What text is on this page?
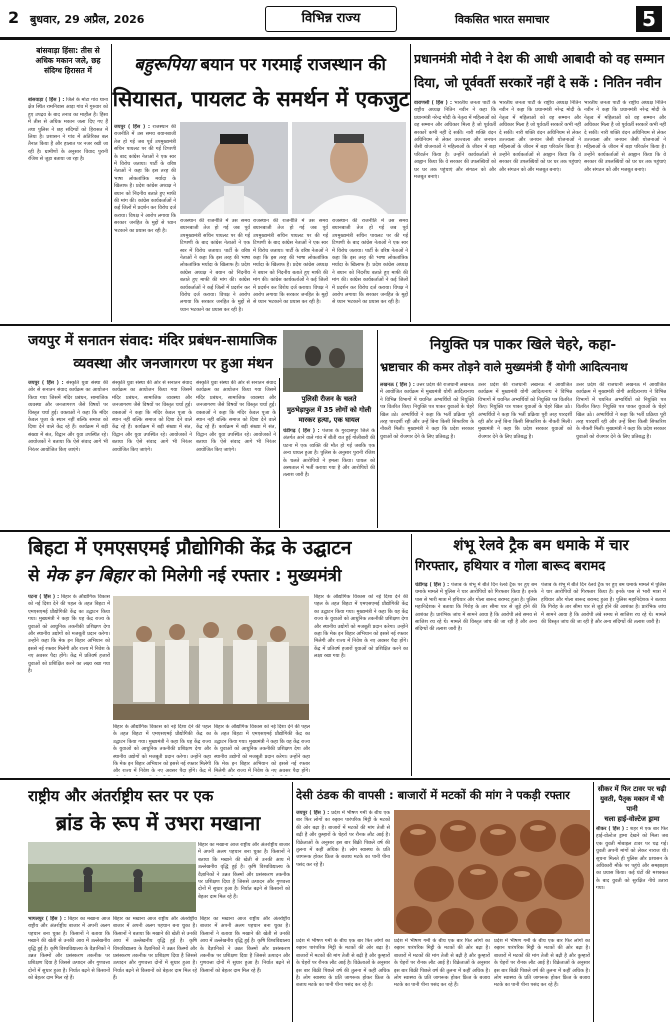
2 बुधवार, 29 अप्रैल, 2026	विभिन्न राज्य	विकसित भारत समाचार	5
बांसवाड़ा हिंसा: तीस से अधिक मकान जले, छह संदिग्ध हिरासत में
बांसवाड़ा ( हिंस ) : जिले के मोटा गांव थाना क्षेत्र स्थित रामनिवास आड़ा गांव में गुरुवार को हुए उपद्रव के बाद तनाव का माहौल है। हिंसा में तीस से अधिक मकान जला दिए गए हैं तथा पुलिस ने छह संदिग्धों को हिरासत में लिया है। प्रशासन ने गांव में अतिरिक्त बल तैनात किया है और हालात पर नजर रखी जा रही है। ग्रामीणों के अनुसार विवाद पुरानी रंजिश से जुड़ा बताया जा रहा है।
बहुरूपिया बयान पर गरमाई राजस्थान की
सियासत, पायलट के समर्थन में एकजुट
जयपुर ( हिंस ) : राजस्थान की राजनीति में उस समय बयानबाजी तेज हो गई जब पूर्व उपमुख्यमंत्री सचिन पायलट पर की गई टिप्पणी के बाद कांग्रेस नेताओं ने एक स्वर में विरोध जताया। पार्टी के वरिष्ठ नेताओं ने कहा कि इस तरह की भाषा लोकतांत्रिक मर्यादा के खिलाफ है। प्रदेश कांग्रेस अध्यक्ष ने बयान को निंदनीय बताते हुए माफी की मांग की। कांग्रेस कार्यकर्ताओं ने कई जिलों में प्रदर्शन कर विरोध दर्ज कराया। विपक्ष ने आरोप लगाया कि सरकार जनहित के मुद्दों से ध्यान भटकाने का प्रयास कर रही है।
राजस्थान की राजनीति में उस समय बयानबाजी तेज हो गई जब पूर्व उपमुख्यमंत्री सचिन पायलट पर की गई टिप्पणी के बाद कांग्रेस नेताओं ने एक स्वर में विरोध जताया। पार्टी के वरिष्ठ नेताओं ने कहा कि इस तरह की भाषा लोकतांत्रिक मर्यादा के खिलाफ है। प्रदेश कांग्रेस अध्यक्ष ने बयान को निंदनीय बताते हुए माफी की मांग की। कांग्रेस कार्यकर्ताओं ने कई जिलों में प्रदर्शन कर विरोध दर्ज कराया। विपक्ष ने आरोप लगाया कि सरकार जनहित के मुद्दों से ध्यान भटकाने का प्रयास कर रही है।
राजस्थान की राजनीति में उस समय बयानबाजी तेज हो गई जब पूर्व उपमुख्यमंत्री सचिन पायलट पर की गई टिप्पणी के बाद कांग्रेस नेताओं ने एक स्वर में विरोध जताया। पार्टी के वरिष्ठ नेताओं ने कहा कि इस तरह की भाषा लोकतांत्रिक मर्यादा के खिलाफ है। प्रदेश कांग्रेस अध्यक्ष ने बयान को निंदनीय बताते हुए माफी की मांग की। कांग्रेस कार्यकर्ताओं ने कई जिलों में प्रदर्शन कर विरोध दर्ज कराया। विपक्ष ने आरोप लगाया कि सरकार जनहित के मुद्दों से ध्यान भटकाने का प्रयास कर रही है।
राजस्थान की राजनीति में उस समय बयानबाजी तेज हो गई जब पूर्व उपमुख्यमंत्री सचिन पायलट पर की गई टिप्पणी के बाद कांग्रेस नेताओं ने एक स्वर में विरोध जताया। पार्टी के वरिष्ठ नेताओं ने कहा कि इस तरह की भाषा लोकतांत्रिक मर्यादा के खिलाफ है। प्रदेश कांग्रेस अध्यक्ष ने बयान को निंदनीय बताते हुए माफी की मांग की। कांग्रेस कार्यकर्ताओं ने कई जिलों में प्रदर्शन कर विरोध दर्ज कराया। विपक्ष ने आरोप लगाया कि सरकार जनहित के मुद्दों से ध्यान भटकाने का प्रयास कर रही है।
प्रधानमंत्री मोदी ने देश की आधी आबादी को वह सम्मान
दिया, जो पूर्ववर्ती सरकारें नहीं दे सकें : नितिन नवीन
वाराणसी ( हिंस ) : भारतीय जनता पार्टी के राष्ट्रीय अध्यक्ष नितिन नवीन ने कहा कि प्रधानमंत्री नरेन्द्र मोदी के नेतृत्व में महिलाओं को वह सम्मान और अधिकार मिला है जो पूर्ववर्ती सरकारें कभी नहीं दे सकीं। नारी शक्ति वंदन अधिनियम से लेकर उज्ज्वला और जनधन जैसी योजनाओं ने महिलाओं के जीवन में बड़ा परिवर्तन किया है। उन्होंने कार्यकर्ताओं से आह्वान किया कि वे सरकार की उपलब्धियों को घर घर तक पहुंचाएं और संगठन को और मजबूत बनाएं।
भारतीय जनता पार्टी के राष्ट्रीय अध्यक्ष नितिन नवीन ने कहा कि प्रधानमंत्री नरेन्द्र मोदी के नेतृत्व में महिलाओं को वह सम्मान और अधिकार मिला है जो पूर्ववर्ती सरकारें कभी नहीं दे सकीं। नारी शक्ति वंदन अधिनियम से लेकर उज्ज्वला और जनधन जैसी योजनाओं ने महिलाओं के जीवन में बड़ा परिवर्तन किया है। उन्होंने कार्यकर्ताओं से आह्वान किया कि वे सरकार की उपलब्धियों को घर घर तक पहुंचाएं और संगठन को और मजबूत बनाएं।
भारतीय जनता पार्टी के राष्ट्रीय अध्यक्ष नितिन नवीन ने कहा कि प्रधानमंत्री नरेन्द्र मोदी के नेतृत्व में महिलाओं को वह सम्मान और अधिकार मिला है जो पूर्ववर्ती सरकारें कभी नहीं दे सकीं। नारी शक्ति वंदन अधिनियम से लेकर उज्ज्वला और जनधन जैसी योजनाओं ने महिलाओं के जीवन में बड़ा परिवर्तन किया है। उन्होंने कार्यकर्ताओं से आह्वान किया कि वे सरकार की उपलब्धियों को घर घर तक पहुंचाएं और संगठन को और मजबूत बनाएं।
जयपुर में सनातन संवाद: मंदिर प्रबंधन-सामाजिक
व्यवस्था और जनजागरण पर हुआ मंथन
जयपुर ( हिंस ) : संस्कृति युवा संस्था की ओर से सनातन संवाद कार्यक्रम का आयोजन किया गया जिसमें मंदिर प्रबंधन, सामाजिक व्यवस्था और जनजागरण जैसे विषयों पर विस्तृत चर्चा हुई। वक्ताओं ने कहा कि मंदिर केवल पूजा के स्थान नहीं बल्कि समाज को दिशा देने वाले केंद्र रहे हैं। कार्यक्रम में बड़ी संख्या में संत, विद्वान और युवा उपस्थित रहे। आयोजकों ने बताया कि ऐसे संवाद आगे भी निरंतर आयोजित किए जाएंगे।
संस्कृति युवा संस्था की ओर से सनातन संवाद कार्यक्रम का आयोजन किया गया जिसमें मंदिर प्रबंधन, सामाजिक व्यवस्था और जनजागरण जैसे विषयों पर विस्तृत चर्चा हुई। वक्ताओं ने कहा कि मंदिर केवल पूजा के स्थान नहीं बल्कि समाज को दिशा देने वाले केंद्र रहे हैं। कार्यक्रम में बड़ी संख्या में संत, विद्वान और युवा उपस्थित रहे। आयोजकों ने बताया कि ऐसे संवाद आगे भी निरंतर आयोजित किए जाएंगे।
संस्कृति युवा संस्था की ओर से सनातन संवाद कार्यक्रम का आयोजन किया गया जिसमें मंदिर प्रबंधन, सामाजिक व्यवस्था और जनजागरण जैसे विषयों पर विस्तृत चर्चा हुई। वक्ताओं ने कहा कि मंदिर केवल पूजा के स्थान नहीं बल्कि समाज को दिशा देने वाले केंद्र रहे हैं। कार्यक्रम में बड़ी संख्या में संत, विद्वान और युवा उपस्थित रहे। आयोजकों ने बताया कि ऐसे संवाद आगे भी निरंतर आयोजित किए जाएंगे।
पुलिसी रीजन के चलते
मुठभेड़ाफुल में 35 लोगों को गोली
मारकर हत्या, एक घायल
चंडीगढ़ ( हिंस ) : पंजाब के गुरदासपुर जिले के अंतर्गत आने वाले गांव में बीती रात हुई गोलीबारी की घटना में एक व्यक्ति की मौत हो गई जबकि एक अन्य घायल हुआ है। पुलिस के अनुसार पुरानी रंजिश के चलते आरोपियों ने हमला किया। घायल को अस्पताल में भर्ती कराया गया है और आरोपियों की तलाश जारी है।
नियुक्ति पत्र पाकर खिले चेहरे, कहा-
भ्रष्टाचार की कमर तोड़ने वाले मुख्यमंत्री हैं योगी आदित्यनाथ
लखनऊ ( हिंस ) : उत्तर प्रदेश की राजधानी लखनऊ में आयोजित कार्यक्रम में मुख्यमंत्री योगी आदित्यनाथ ने विभिन्न विभागों में चयनित अभ्यर्थियों को नियुक्ति पत्र वितरित किए। नियुक्ति पत्र पाकर युवाओं के चेहरे खिल उठे। अभ्यर्थियों ने कहा कि भर्ती प्रक्रिया पूरी तरह पारदर्शी रही और उन्हें बिना किसी सिफारिश के नौकरी मिली। मुख्यमंत्री ने कहा कि प्रदेश सरकार युवाओं को रोजगार देने के लिए प्रतिबद्ध है।
उत्तर प्रदेश की राजधानी लखनऊ में आयोजित कार्यक्रम में मुख्यमंत्री योगी आदित्यनाथ ने विभिन्न विभागों में चयनित अभ्यर्थियों को नियुक्ति पत्र वितरित किए। नियुक्ति पत्र पाकर युवाओं के चेहरे खिल उठे। अभ्यर्थियों ने कहा कि भर्ती प्रक्रिया पूरी तरह पारदर्शी रही और उन्हें बिना किसी सिफारिश के नौकरी मिली। मुख्यमंत्री ने कहा कि प्रदेश सरकार युवाओं को रोजगार देने के लिए प्रतिबद्ध है।
उत्तर प्रदेश की राजधानी लखनऊ में आयोजित कार्यक्रम में मुख्यमंत्री योगी आदित्यनाथ ने विभिन्न विभागों में चयनित अभ्यर्थियों को नियुक्ति पत्र वितरित किए। नियुक्ति पत्र पाकर युवाओं के चेहरे खिल उठे। अभ्यर्थियों ने कहा कि भर्ती प्रक्रिया पूरी तरह पारदर्शी रही और उन्हें बिना किसी सिफारिश के नौकरी मिली। मुख्यमंत्री ने कहा कि प्रदेश सरकार युवाओं को रोजगार देने के लिए प्रतिबद्ध है।
बिहटा में एमएसएमई प्रौद्योगिकी केंद्र के उद्घाटन
से मेक इन बिहार को मिलेगी नई रफ्तार : मुख्यमंत्री
पटना ( हिंस ) : बिहार के औद्योगिक विकास को नई दिशा देने की पहल के तहत बिहटा में एमएसएमई प्रौद्योगिकी केंद्र का उद्घाटन किया गया। मुख्यमंत्री ने कहा कि यह केंद्र राज्य के युवाओं को आधुनिक तकनीकी प्रशिक्षण देगा और स्थानीय उद्योगों को मजबूती प्रदान करेगा। उन्होंने कहा कि मेक इन बिहार अभियान को इससे नई रफ्तार मिलेगी और राज्य में निवेश के नए अवसर पैदा होंगे। केंद्र में प्रतिवर्ष हजारों युवाओं को प्रशिक्षित करने का लक्ष्य रखा गया है।
बिहार के औद्योगिक विकास को नई दिशा देने की पहल के तहत बिहटा में एमएसएमई प्रौद्योगिकी केंद्र का उद्घाटन किया गया। मुख्यमंत्री ने कहा कि यह केंद्र राज्य के युवाओं को आधुनिक तकनीकी प्रशिक्षण देगा और स्थानीय उद्योगों को मजबूती प्रदान करेगा। उन्होंने कहा कि मेक इन बिहार अभियान को इससे नई रफ्तार मिलेगी और राज्य में निवेश के नए अवसर पैदा होंगे। केंद्र में
बिहार के औद्योगिक विकास को नई दिशा देने की पहल के तहत बिहटा में एमएसएमई प्रौद्योगिकी केंद्र का उद्घाटन किया गया। मुख्यमंत्री ने कहा कि यह केंद्र राज्य के युवाओं को आधुनिक तकनीकी प्रशिक्षण देगा और स्थानीय उद्योगों को मजबूती प्रदान करेगा। उन्होंने कहा कि मेक इन बिहार अभियान को इससे नई रफ्तार मिलेगी और राज्य में निवेश के नए अवसर पैदा होंगे।
बिहार के औद्योगिक विकास को नई दिशा देने की पहल के तहत बिहटा में एमएसएमई प्रौद्योगिकी केंद्र का उद्घाटन किया गया। मुख्यमंत्री ने कहा कि यह केंद्र राज्य के युवाओं को आधुनिक तकनीकी प्रशिक्षण देगा और स्थानीय उद्योगों को मजबूती प्रदान करेगा। उन्होंने कहा कि मेक इन बिहार अभियान को इससे नई रफ्तार मिलेगी और राज्य में निवेश के नए अवसर पैदा होंगे। केंद्र में प्रतिवर्ष हजारों युवाओं को प्रशिक्षित करने का लक्ष्य रखा गया है।
शंभू रेलवे ट्रैक बम धमाके में चार
गिरफ्तार, हथियार व गोला बारूद बरामद
चंडीगढ़ ( हिंस ) : पंजाब के शंभू में बीते दिन रेलवे ट्रैक पर हुए बम धमाके मामले में पुलिस ने चार आरोपियों को गिरफ्तार किया है। इनके पास से भारी मात्रा में हथियार और गोला बारूद बरामद हुआ है। पुलिस महानिदेशक ने बताया कि गिरोह के तार सीमा पार से जुड़े होने की आशंका है। प्रारंभिक जांच में सामने आया है कि आरोपी लंबे समय से साजिश रच रहे थे। मामले की विस्तृत जांच की जा रही है और अन्य संदिग्धों की तलाश जारी है।
पंजाब के शंभू में बीते दिन रेलवे ट्रैक पर हुए बम धमाके मामले में पुलिस ने चार आरोपियों को गिरफ्तार किया है। इनके पास से भारी मात्रा में हथियार और गोला बारूद बरामद हुआ है। पुलिस महानिदेशक ने बताया कि गिरोह के तार सीमा पार से जुड़े होने की आशंका है। प्रारंभिक जांच में सामने आया है कि आरोपी लंबे समय से साजिश रच रहे थे। मामले की विस्तृत जांच की जा रही है और अन्य संदिग्धों की तलाश जारी है।
राष्ट्रीय और अंतर्राष्ट्रीय स्तर पर एक
ब्रांड के रूप में उभरा मखाना
बिहार का मखाना आज राष्ट्रीय और अंतर्राष्ट्रीय बाजार में अपनी अलग पहचान बना चुका है। किसानों ने बताया कि मखाने की खेती से उनकी आय में उल्लेखनीय वृद्धि हुई है। कृषि विश्वविद्यालय के वैज्ञानिकों ने उन्नत किस्मों और प्रसंस्करण तकनीक पर प्रशिक्षण दिया है जिससे उत्पादन और गुणवत्ता दोनों में सुधार हुआ है। निर्यात बढ़ने से किसानों को बेहतर दाम मिल रहे हैं।
भागलपुर ( हिंस ) : बिहार का मखाना आज राष्ट्रीय और अंतर्राष्ट्रीय बाजार में अपनी अलग पहचान बना चुका है। किसानों ने बताया कि मखाने की खेती से उनकी आय में उल्लेखनीय वृद्धि हुई है। कृषि विश्वविद्यालय के वैज्ञानिकों ने उन्नत किस्मों और प्रसंस्करण तकनीक पर प्रशिक्षण दिया है जिससे उत्पादन और गुणवत्ता दोनों में सुधार हुआ है। निर्यात बढ़ने से किसानों को बेहतर दाम मिल रहे हैं।
बिहार का मखाना आज राष्ट्रीय और अंतर्राष्ट्रीय बाजार में अपनी अलग पहचान बना चुका है। किसानों ने बताया कि मखाने की खेती से उनकी आय में उल्लेखनीय वृद्धि हुई है। कृषि विश्वविद्यालय के वैज्ञानिकों ने उन्नत किस्मों और प्रसंस्करण तकनीक पर प्रशिक्षण दिया है जिससे उत्पादन और गुणवत्ता दोनों में सुधार हुआ है। निर्यात बढ़ने से किसानों को बेहतर दाम मिल रहे हैं।
बिहार का मखाना आज राष्ट्रीय और अंतर्राष्ट्रीय बाजार में अपनी अलग पहचान बना चुका है। किसानों ने बताया कि मखाने की खेती से उनकी आय में उल्लेखनीय वृद्धि हुई है। कृषि विश्वविद्यालय के वैज्ञानिकों ने उन्नत किस्मों और प्रसंस्करण तकनीक पर प्रशिक्षण दिया है जिससे उत्पादन और गुणवत्ता दोनों में सुधार हुआ है। निर्यात बढ़ने से किसानों को बेहतर दाम मिल रहे हैं।
देसी ठंडक की वापसी : बाजारों में मटकों की मांग ने पकड़ी रफ्तार
जयपुर ( हिंस ) : प्रदेश में भीषण गर्मी के बीच एक बार फिर लोगों का रुझान पारंपरिक मिट्टी के मटकों की ओर बढ़ा है। बाजारों में मटकों की मांग तेजी से बढ़ी है और कुम्हारों के चेहरों पर रौनक लौट आई है। विक्रेताओं के अनुसार इस बार बिक्री पिछले वर्ष की तुलना में कहीं अधिक है। लोग स्वास्थ्य के प्रति जागरूक होकर फ्रिज के बजाय मटके का पानी पीना पसंद कर रहे हैं।
प्रदेश में भीषण गर्मी के बीच एक बार फिर लोगों का रुझान पारंपरिक मिट्टी के मटकों की ओर बढ़ा है। बाजारों में मटकों की मांग तेजी से बढ़ी है और कुम्हारों के चेहरों पर रौनक लौट आई है। विक्रेताओं के अनुसार इस बार बिक्री पिछले वर्ष की तुलना में कहीं अधिक है। लोग स्वास्थ्य के प्रति जागरूक होकर फ्रिज के बजाय मटके का पानी पीना पसंद कर रहे हैं।
प्रदेश में भीषण गर्मी के बीच एक बार फिर लोगों का रुझान पारंपरिक मिट्टी के मटकों की ओर बढ़ा है। बाजारों में मटकों की मांग तेजी से बढ़ी है और कुम्हारों के चेहरों पर रौनक लौट आई है। विक्रेताओं के अनुसार इस बार बिक्री पिछले वर्ष की तुलना में कहीं अधिक है। लोग स्वास्थ्य के प्रति जागरूक होकर फ्रिज के बजाय मटके का पानी पीना पसंद कर रहे हैं।
प्रदेश में भीषण गर्मी के बीच एक बार फिर लोगों का रुझान पारंपरिक मिट्टी के मटकों की ओर बढ़ा है। बाजारों में मटकों की मांग तेजी से बढ़ी है और कुम्हारों के चेहरों पर रौनक लौट आई है। विक्रेताओं के अनुसार इस बार बिक्री पिछले वर्ष की तुलना में कहीं अधिक है। लोग स्वास्थ्य के प्रति जागरूक होकर फ्रिज के बजाय मटके का पानी पीना पसंद कर रहे हैं।
सीकर में फिर टावर पर चढ़ी
युवती, पैतृक मकान में भी पानी
चला हाई-वोल्टेज ड्रामा
सीकर ( हिंस ) : शहर में एक बार फिर हाई-वोल्टेज ड्रामा देखने को मिला जब एक युवती मोबाइल टावर पर चढ़ गई। युवती अपनी मांगों को लेकर नाराज थी। सूचना मिलते ही पुलिस और प्रशासन के अधिकारी मौके पर पहुंचे और समझाइश का प्रयास किया। कई घंटों की मशक्कत के बाद युवती को सुरक्षित नीचे उतारा गया।
